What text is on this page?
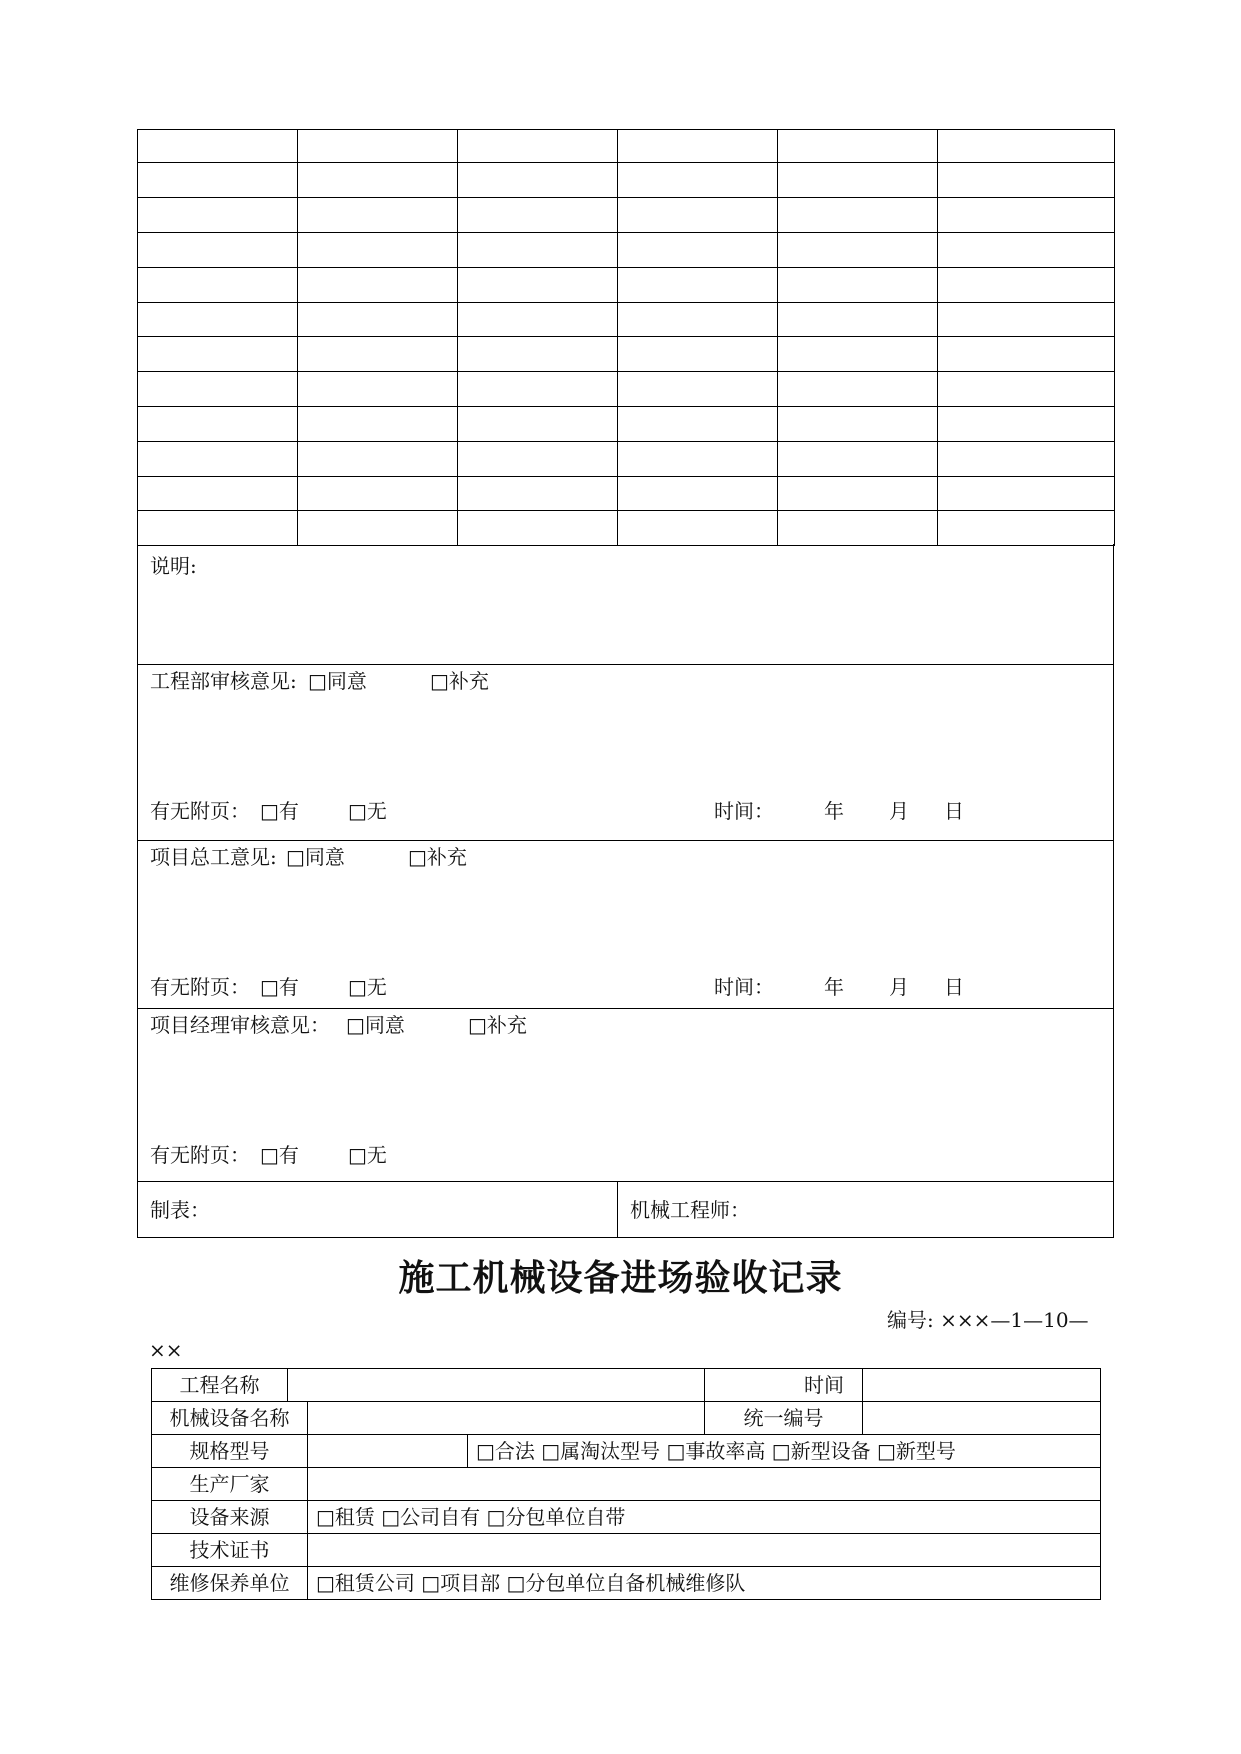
说明:
工程部审核意见: □同意	□补充
有无附页： □有 □无	时间：	年 月 日
项目总工意见: □同意	□补充
有无附页： □有 □无	时间：	年 月 日
项目经理审核意见： □同意	□补充
有无附页： □有 □无
制表：	机械工程师：
施工机械设备进场验收记录
编号: ×××—1—10—
××
工程名称				时间	
机械设备名称				统一编号	
规格型号			□合法 □属淘汰型号 □事故率高 □新型设备 □新型号		
生产厂家					
设备来源		□租赁 □公司自有 □分包单位自带			
技术证书					
维修保养单位		□租赁公司 □项目部 □分包单位自备机械维修队			
